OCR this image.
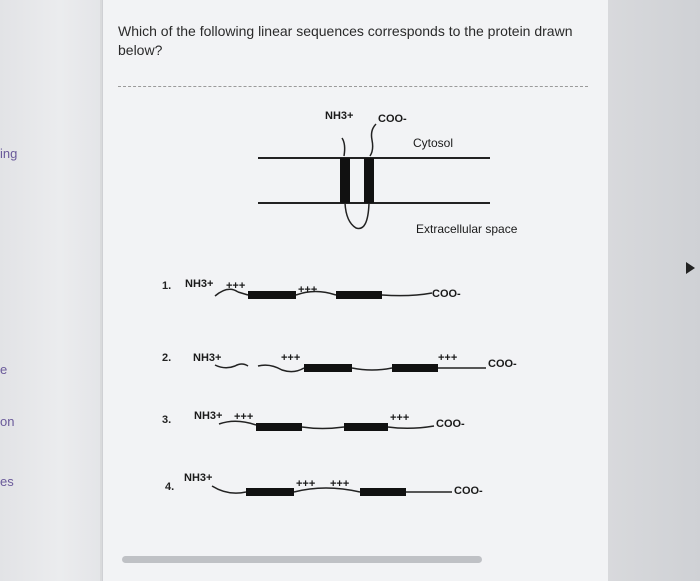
ing
e
on
es
Which of the following linear sequences corresponds to the protein drawn below?
NH3+ COO-
Cytosol
Extracellular space
1. NH3+ +++	+++	COO-
2. NH3+	+++	+++	COO-
3. NH3+ +++	+++ COO-
4.
NH3+	+++ +++
COO-
